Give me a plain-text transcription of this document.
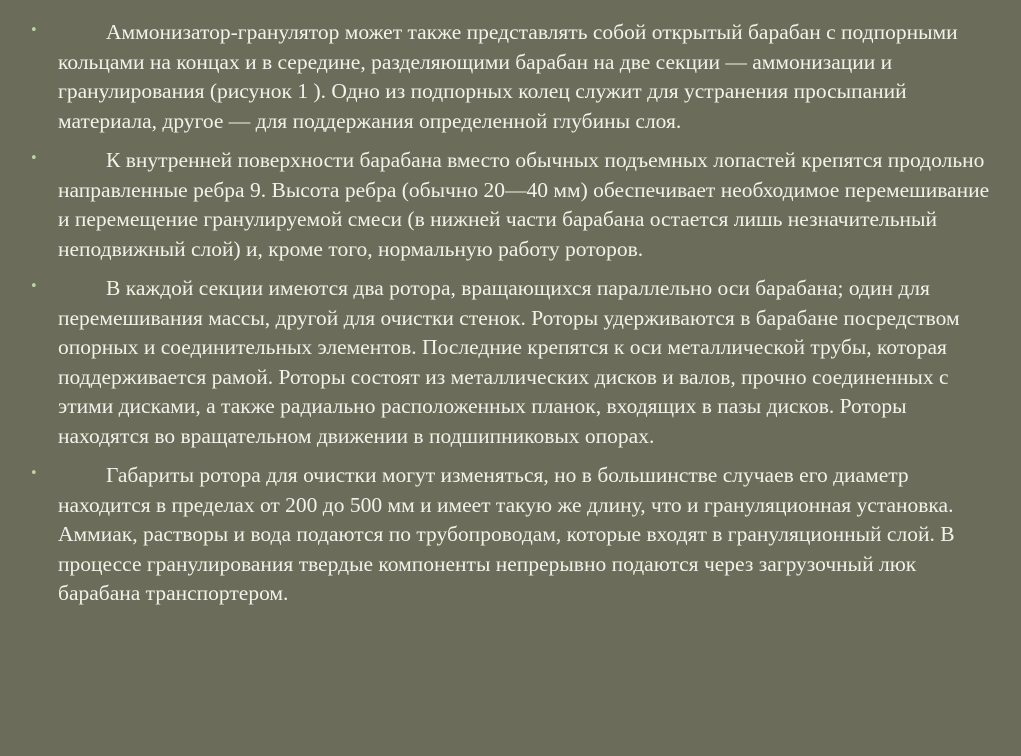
•	Аммонизатор-гранулятор может также представлять собой открытый барабан с подпорными кольцами на концах и в середине, разделяющими барабан на две секции — аммонизации и гранулирования (рисунок 1 ). Одно из подпорных колец служит для устранения просыпаний материала, другое — для поддержания определенной глубины слоя.

•	К внутренней поверхности барабана вместо обычных подъемных лопастей крепятся продольно направленные ребра 9. Высота ребра (обычно 20—40 мм) обеспечивает необходимое перемешивание и перемещение гранулируемой смеси (в нижней части барабана остается лишь незначительный неподвижный слой) и, кроме того, нормальную работу роторов.

•	В каждой секции имеются два ротора, вращающихся параллельно оси барабана; один для перемешивания массы, другой для очистки стенок. Роторы удерживаются в барабане посредством опорных и соединительных элементов. Последние крепятся к оси металлической трубы, которая поддерживается рамой. Роторы состоят из металлических дисков и валов, прочно соединенных с этими дисками, а также радиально расположенных планок, входящих в пазы дисков. Роторы находятся во вращательном движении в подшипниковых опорах.

•	Габариты ротора для очистки могут изменяться, но в большинстве случаев его диаметр находится в пределах от 200 до 500 мм и имеет такую же длину, что и грануляционная установка. Аммиак, растворы и вода подаются по трубопроводам, которые входят в грануляционный слой. В процессе гранулирования твердые компоненты непрерывно подаются через загрузочный люк барабана транспортером.
